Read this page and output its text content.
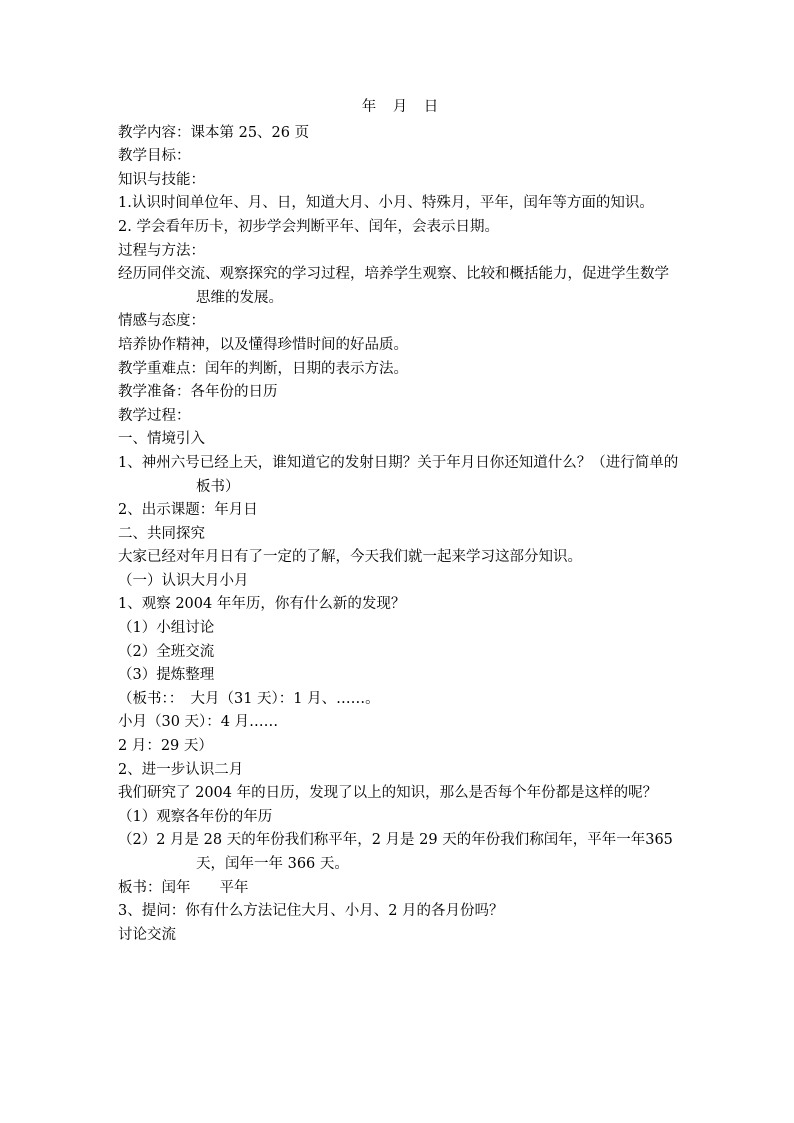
年　月　日

教学内容：课本第 25、26 页

教学目标：

知识与技能：

1.认识时间单位年、月、日，知道大月、小月、特殊月，平年，闰年等方面的知识。

2. 学会看年历卡，初步学会判断平年、闰年，会表示日期。

过程与方法：

经历同伴交流、观察探究的学习过程，培养学生观察、比较和概括能力，促进学生数学思维的发展。

情感与态度：

培养协作精神，以及懂得珍惜时间的好品质。

教学重难点：闰年的判断，日期的表示方法。

教学准备：各年份的日历

教学过程：

一、情境引入

1、神州六号已经上天，谁知道它的发射日期？关于年月日你还知道什么？（进行简单的板书）

2、出示课题：年月日

二、共同探究

大家已经对年月日有了一定的了解，今天我们就一起来学习这部分知识。

（一）认识大月小月

1、观察 2004 年年历，你有什么新的发现？

（1）小组讨论

（2）全班交流

（3）提炼整理

（板书：：　大月（31 天）：1 月、……。

小月（30 天）：4 月……

2 月：29 天）

2、进一步认识二月

我们研究了 2004 年的日历，发现了以上的知识，那么是否每个年份都是这样的呢？

（1）观察各年份的年历

（2）2 月是 28 天的年份我们称平年，2 月是 29 天的年份我们称闰年，平年一年365 天，闰年一年 366 天。

板书：闰年　　平年

3、提问：你有什么方法记住大月、小月、2 月的各月份吗？

讨论交流
